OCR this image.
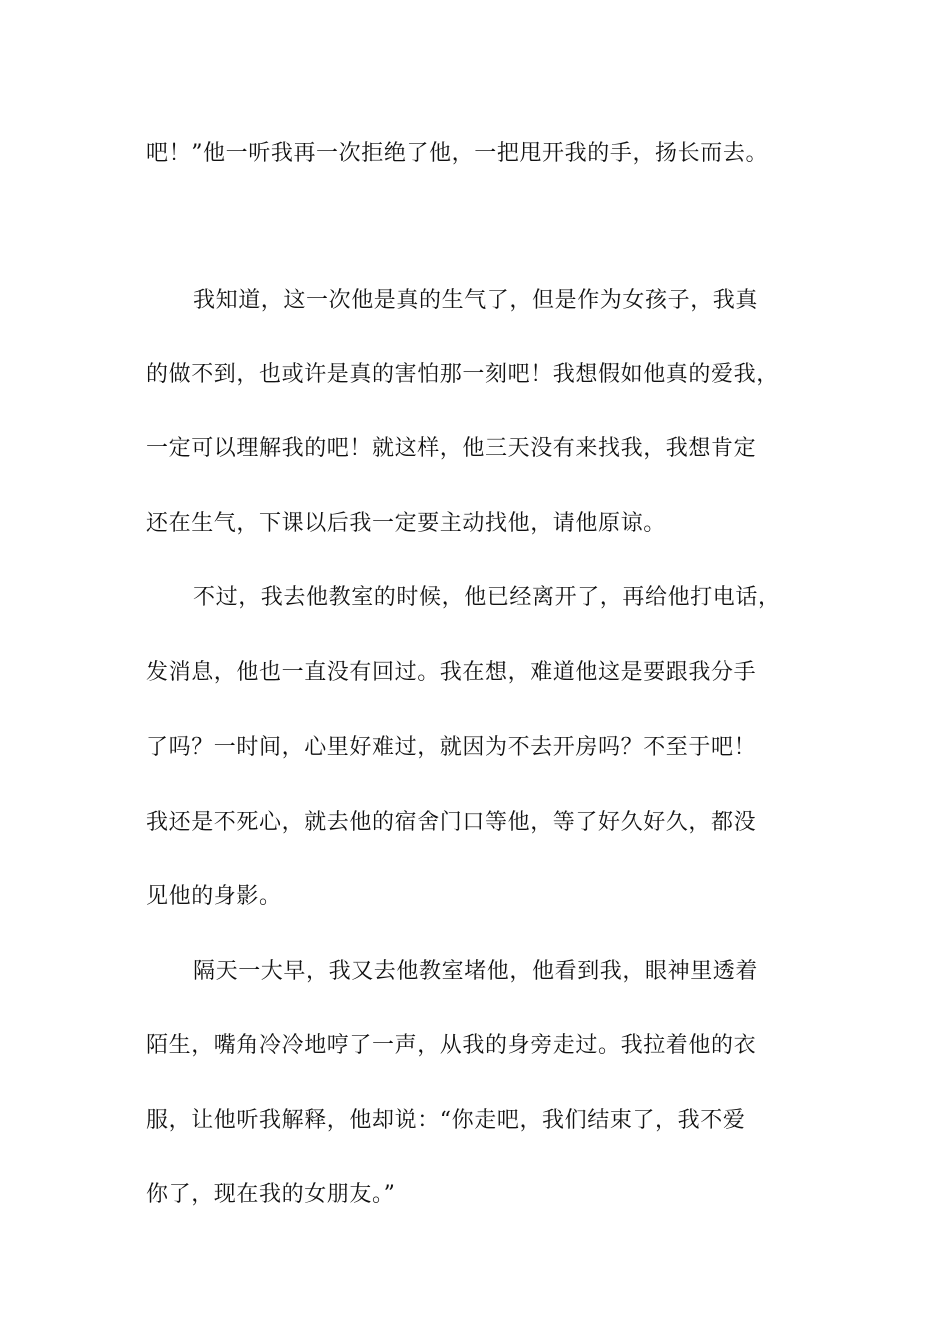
吧！”他一听我再一次拒绝了他，一把甩开我的手，扬长而去。
我知道，这一次他是真的生气了，但是作为女孩子，我真
的做不到，也或许是真的害怕那一刻吧！我想假如他真的爱我，
一定可以理解我的吧！就这样，他三天没有来找我，我想肯定
还在生气，下课以后我一定要主动找他，请他原谅。
不过，我去他教室的时候，他已经离开了，再给他打电话，
发消息，他也一直没有回过。我在想，难道他这是要跟我分手
了吗？一时间，心里好难过，就因为不去开房吗？不至于吧！
我还是不死心，就去他的宿舍门口等他，等了好久好久，都没
见他的身影。
隔天一大早，我又去他教室堵他，他看到我，眼神里透着
陌生，嘴角冷冷地哼了一声，从我的身旁走过。我拉着他的衣
服，让他听我解释，他却说：“你走吧，我们结束了，我不爱
你了，现在我的女朋友。”
